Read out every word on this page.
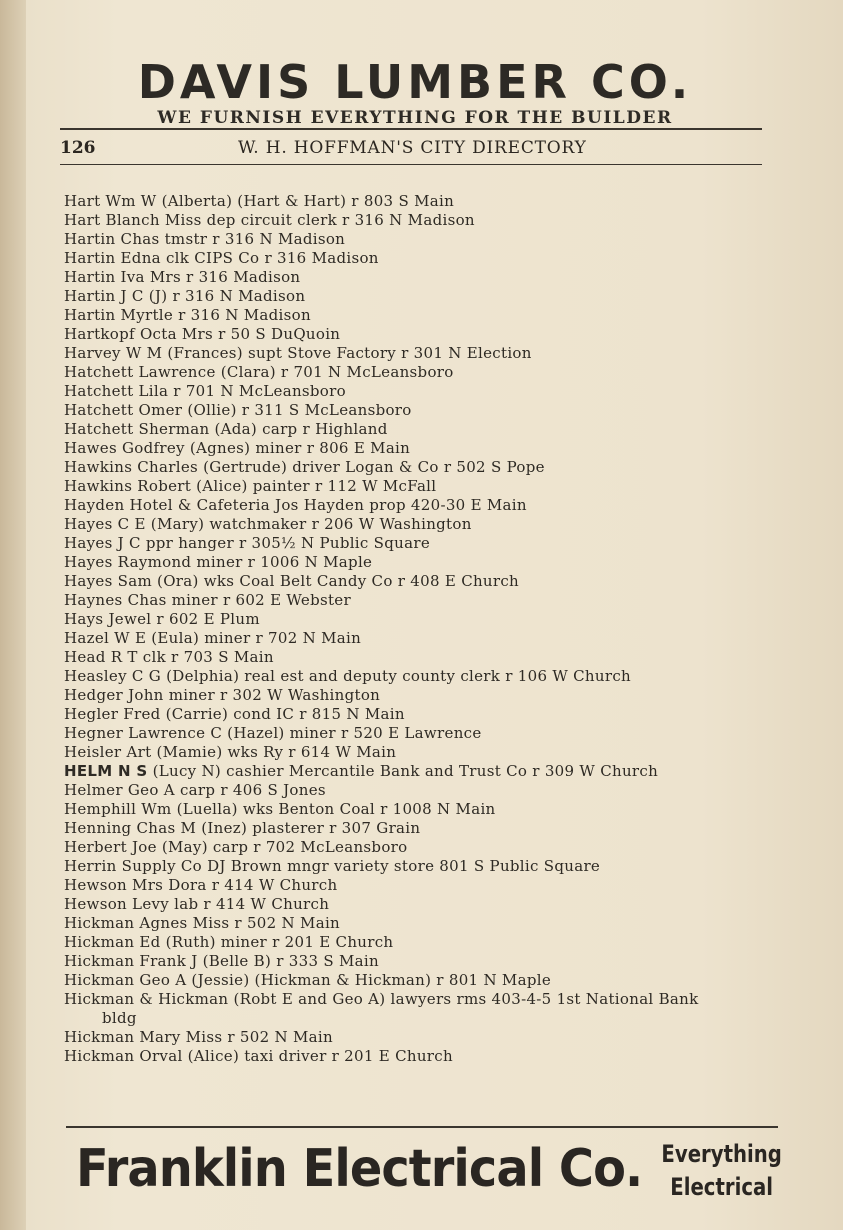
DAVIS LUMBER CO.
WE FURNISH EVERYTHING FOR THE BUILDER
126	W. H. HOFFMAN'S CITY DIRECTORY
Hart Wm W (Alberta) (Hart & Hart) r 803 S Main
Hart Blanch Miss dep circuit clerk r 316 N Madison
Hartin Chas tmstr r 316 N Madison
Hartin Edna clk CIPS Co r 316 Madison
Hartin Iva Mrs r 316 Madison
Hartin J C (J) r 316 N Madison
Hartin Myrtle r 316 N Madison
Hartkopf Octa Mrs r 50 S DuQuoin
Harvey W M (Frances) supt Stove Factory r 301 N Election
Hatchett Lawrence (Clara) r 701 N McLeansboro
Hatchett Lila r 701 N McLeansboro
Hatchett Omer (Ollie) r 311 S McLeansboro
Hatchett Sherman (Ada) carp r Highland
Hawes Godfrey (Agnes) miner r 806 E Main
Hawkins Charles (Gertrude) driver Logan & Co r 502 S Pope
Hawkins Robert (Alice) painter r 112 W McFall
Hayden Hotel & Cafeteria Jos Hayden prop 420-30 E Main
Hayes C E (Mary) watchmaker r 206 W Washington
Hayes J C ppr hanger r 305½ N Public Square
Hayes Raymond miner r 1006 N Maple
Hayes Sam (Ora) wks Coal Belt Candy Co r 408 E Church
Haynes Chas miner r 602 E Webster
Hays Jewel r 602 E Plum
Hazel W E (Eula) miner r 702 N Main
Head R T clk r 703 S Main
Heasley C G (Delphia) real est and deputy county clerk r 106 W Church
Hedger John miner r 302 W Washington
Hegler Fred (Carrie) cond IC r 815 N Main
Hegner Lawrence C (Hazel) miner r 520 E Lawrence
Heisler Art (Mamie) wks Ry r 614 W Main
HELM N S (Lucy N) cashier Mercantile Bank and Trust Co r 309 W Church
Helmer Geo A carp r 406 S Jones
Hemphill Wm (Luella) wks Benton Coal r 1008 N Main
Henning Chas M (Inez) plasterer r 307 Grain
Herbert Joe (May) carp r 702 McLeansboro
Herrin Supply Co DJ Brown mngr variety store 801 S Public Square
Hewson Mrs Dora r 414 W Church
Hewson Levy lab r 414 W Church
Hickman Agnes Miss r 502 N Main
Hickman Ed (Ruth) miner r 201 E Church
Hickman Frank J (Belle B) r 333 S Main
Hickman Geo A (Jessie) (Hickman & Hickman) r 801 N Maple
Hickman & Hickman (Robt E and Geo A) lawyers rms 403-4-5 1st National Bank bldg
Hickman Mary Miss r 502 N Main
Hickman Orval (Alice) taxi driver r 201 E Church
Franklin Electrical Co. Everything
Electrical
